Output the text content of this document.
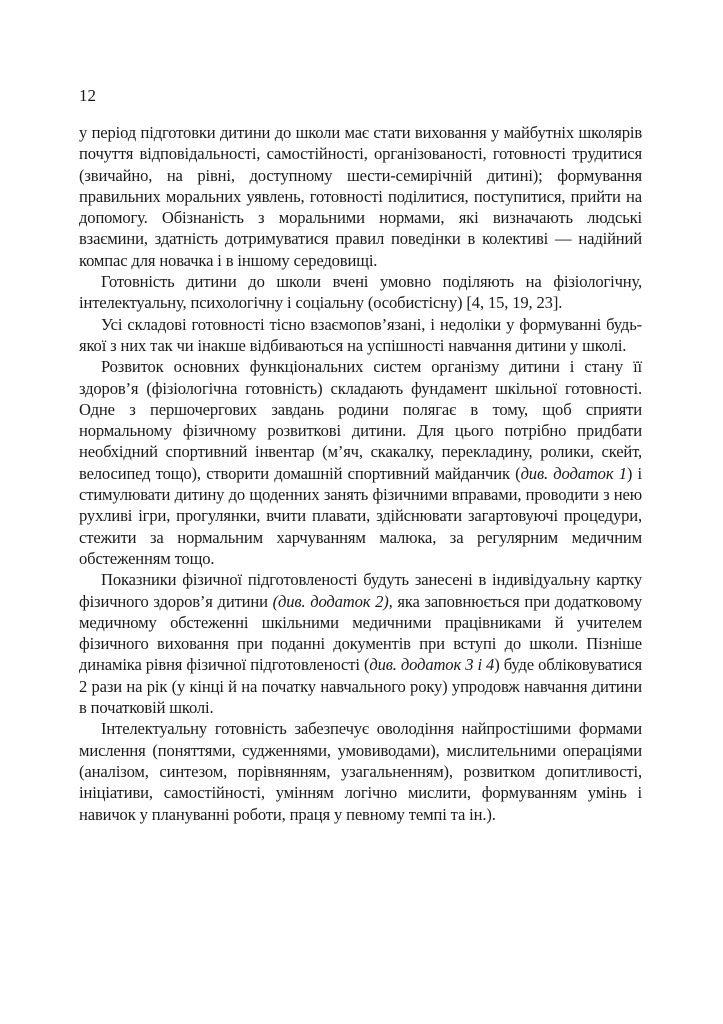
12

у період підготовки дитини до школи має стати виховання у майбутніх школярів почуття відповідальності, самостійності, організованості, готовності трудитися (звичайно, на рівні, доступному шести-семирічній дитині); формування правильних моральних уявлень, готовності поділитися, поступитися, прийти на допомогу. Обізнаність з моральними нормами, які визначають людські взаємини, здатність дотримуватися правил поведінки в колективі — надійний компас для новачка і в іншому середовищі.

Готовність дитини до школи вчені умовно поділяють на фізіологічну, інтелектуальну, психологічну і соціальну (особистісну) [4, 15, 19, 23].

Усі складові готовності тісно взаємопов’язані, і недоліки у формуванні будь-якої з них так чи інакше відбиваються на успішності навчання дитини у школі.

Розвиток основних функціональних систем організму дитини і стану її здоров’я (фізіологічна готовність) складають фундамент шкільної готовності. Одне з першочергових завдань родини полягає в тому, щоб сприяти нормальному фізичному розвиткові дитини. Для цього потрібно придбати необхідний спортивний інвентар (м’яч, скакалку, перекладину, ролики, скейт, велосипед тощо), створити домашній спортивний майданчик (див. додаток 1) і стимулювати дитину до щоденних занять фізичними вправами, проводити з нею рухливі ігри, прогулянки, вчити плавати, здійснювати загартовуючі процедури, стежити за нормальним харчуванням малюка, за регулярним медичним обстеженням тощо.

Показники фізичної підготовленості будуть занесені в індивідуальну картку фізичного здоров’я дитини (див. додаток 2), яка заповнюється при додатковому медичному обстеженні шкільними медичними працівниками й учителем фізичного виховання при поданні документів при вступі до школи. Пізніше динаміка рівня фізичної підготовленості (див. додаток 3 і 4) буде обліковуватися 2 рази на рік (у кінці й на початку навчального року) упродовж навчання дитини в початковій школі.

Інтелектуальну готовність забезпечує оволодіння найпростішими формами мислення (поняттями, судженнями, умовиводами), мислительними операціями (аналізом, синтезом, порівнянням, узагальненням), розвитком допитливості, ініціативи, самостійності, умінням логічно мислити, формуванням умінь і навичок у плануванні роботи, праця у певному темпі та ін.).
